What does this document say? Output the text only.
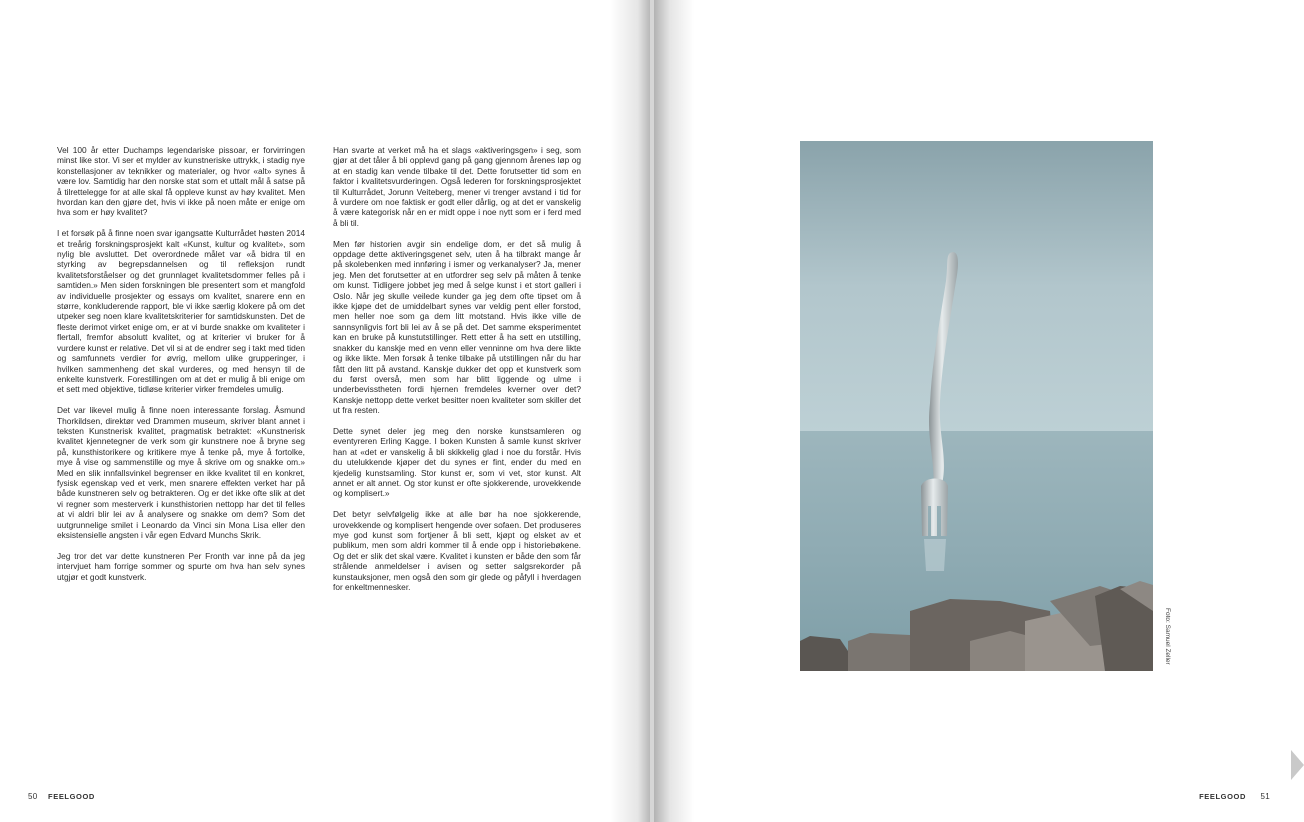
Vel 100 år etter Duchamps legendariske pissoar, er forvirringen minst like stor. Vi ser et mylder av kunstneriske uttrykk, i stadig nye konstellasjoner av teknikker og materialer, og hvor «alt» synes å være lov. Samtidig har den norske stat som et uttalt mål å satse på å tilrettelegge for at alle skal få oppleve kunst av høy kvalitet. Men hvordan kan den gjøre det, hvis vi ikke på noen måte er enige om hva som er høy kvalitet?

I et forsøk på å finne noen svar igangsatte Kulturrådet høsten 2014 et treårig forskningsprosjekt kalt «Kunst, kultur og kvalitet», som nylig ble avsluttet. Det overordnede målet var «å bidra til en styrking av begrepsdannelsen og til refleksjon rundt kvalitetsforståelser og det grunnlaget kvalitetsdommer felles på i samtiden.» Men siden forskningen ble presentert som et mangfold av individuelle prosjekter og essays om kvalitet, snarere enn en større, konkluderende rapport, ble vi ikke særlig klokere på om det utpeker seg noen klare kvalitetskriterier for samtidskunsten. Det de fleste derimot virket enige om, er at vi burde snakke om kvaliteter i flertall, fremfor absolutt kvalitet, og at kriterier vi bruker for å vurdere kunst er relative. Det vil si at de endrer seg i takt med tiden og samfunnets verdier for øvrig, mellom ulike grupperinger, i hvilken sammenheng det skal vurderes, og med hensyn til de enkelte kunstverk. Forestillingen om at det er mulig å bli enige om et sett med objektive, tidløse kriterier virker fremdeles umulig.

Det var likevel mulig å finne noen interessante forslag. Åsmund Thorkildsen, direktør ved Drammen museum, skriver blant annet i teksten Kunstnerisk kvalitet, pragmatisk betraktet: «Kunstnerisk kvalitet kjennetegner de verk som gir kunstnere noe å bryne seg på, kunsthistorikere og kritikere mye å tenke på, mye å fortolke, mye å vise og sammenstille og mye å skrive om og snakke om.» Med en slik innfallsvinkel begrenser en ikke kvalitet til en konkret, fysisk egenskap ved et verk, men snarere effekten verket har på både kunstneren selv og betrakteren. Og er det ikke ofte slik at det vi regner som mesterverk i kunsthistorien nettopp har det til felles at vi aldri blir lei av å analysere og snakke om dem? Som det uutgrunnelige smilet i Leonardo da Vinci sin Mona Lisa eller den eksistensielle angsten i vår egen Edvard Munchs Skrik.

Jeg tror det var dette kunstneren Per Fronth var inne på da jeg intervjuet ham forrige sommer og spurte om hva han selv synes utgjør et godt kunstverk.

Han svarte at verket må ha et slags «aktiveringsgen» i seg, som gjør at det tåler å bli opplevd gang på gang gjennom årenes løp og at en stadig kan vende tilbake til det. Dette forutsetter tid som en faktor i kvalitetsvurderingen. Også lederen for forskningsprosjektet til Kulturrådet, Jorunn Veiteberg, mener vi trenger avstand i tid for å vurdere om noe faktisk er godt eller dårlig, og at det er vanskelig å være kategorisk når en er midt oppe i noe nytt som er i ferd med å bli til.

Men før historien avgir sin endelige dom, er det så mulig å oppdage dette aktiveringsgenet selv, uten å ha tilbrakt mange år på skolebenken med innføring i ismer og verkanalyser? Ja, mener jeg. Men det forutsetter at en utfordrer seg selv på måten å tenke om kunst. Tidligere jobbet jeg med å selge kunst i et stort galleri i Oslo. Når jeg skulle veilede kunder ga jeg dem ofte tipset om å ikke kjøpe det de umiddelbart synes var veldig pent eller forstod, men heller noe som ga dem litt motstand. Hvis ikke ville de sannsynligvis fort bli lei av å se på det. Det samme eksperimentet kan en bruke på kunstutstillinger. Rett etter å ha sett en utstilling, snakker du kanskje med en venn eller venninne om hva dere likte og ikke likte. Men forsøk å tenke tilbake på utstillingen når du har fått den litt på avstand. Kanskje dukker det opp et kunstverk som du først overså, men som har blitt liggende og ulme i underbevisstheten fordi hjernen fremdeles kverner over det? Kanskje nettopp dette verket besitter noen kvaliteter som skiller det ut fra resten.

Dette synet deler jeg meg den norske kunstsamleren og eventyreren Erling Kagge. I boken Kunsten å samle kunst skriver han at «det er vanskelig å bli skikkelig glad i noe du forstår. Hvis du utelukkende kjøper det du synes er fint, ender du med en kjedelig kunstsamling. Stor kunst er, som vi vet, stor kunst. Alt annet er alt annet. Og stor kunst er ofte sjokkerende, urovekkende og komplisert.»

Det betyr selvfølgelig ikke at alle bør ha noe sjokkerende, urovekkende og komplisert hengende over sofaen. Det produseres mye god kunst som fortjener å bli sett, kjøpt og elsket av et publikum, men som aldri kommer til å ende opp i historiebøkene. Og det er slik det skal være. Kvalitet i kunsten er både den som får strålende anmeldelser i avisen og setter salgsrekorder på kunstauksjoner, men også den som gir glede og påfyll i hverdagen for enkeltmennesker.

50 FEELGOOD
Foto: Samuel Zeller
FEELGOOD 51
